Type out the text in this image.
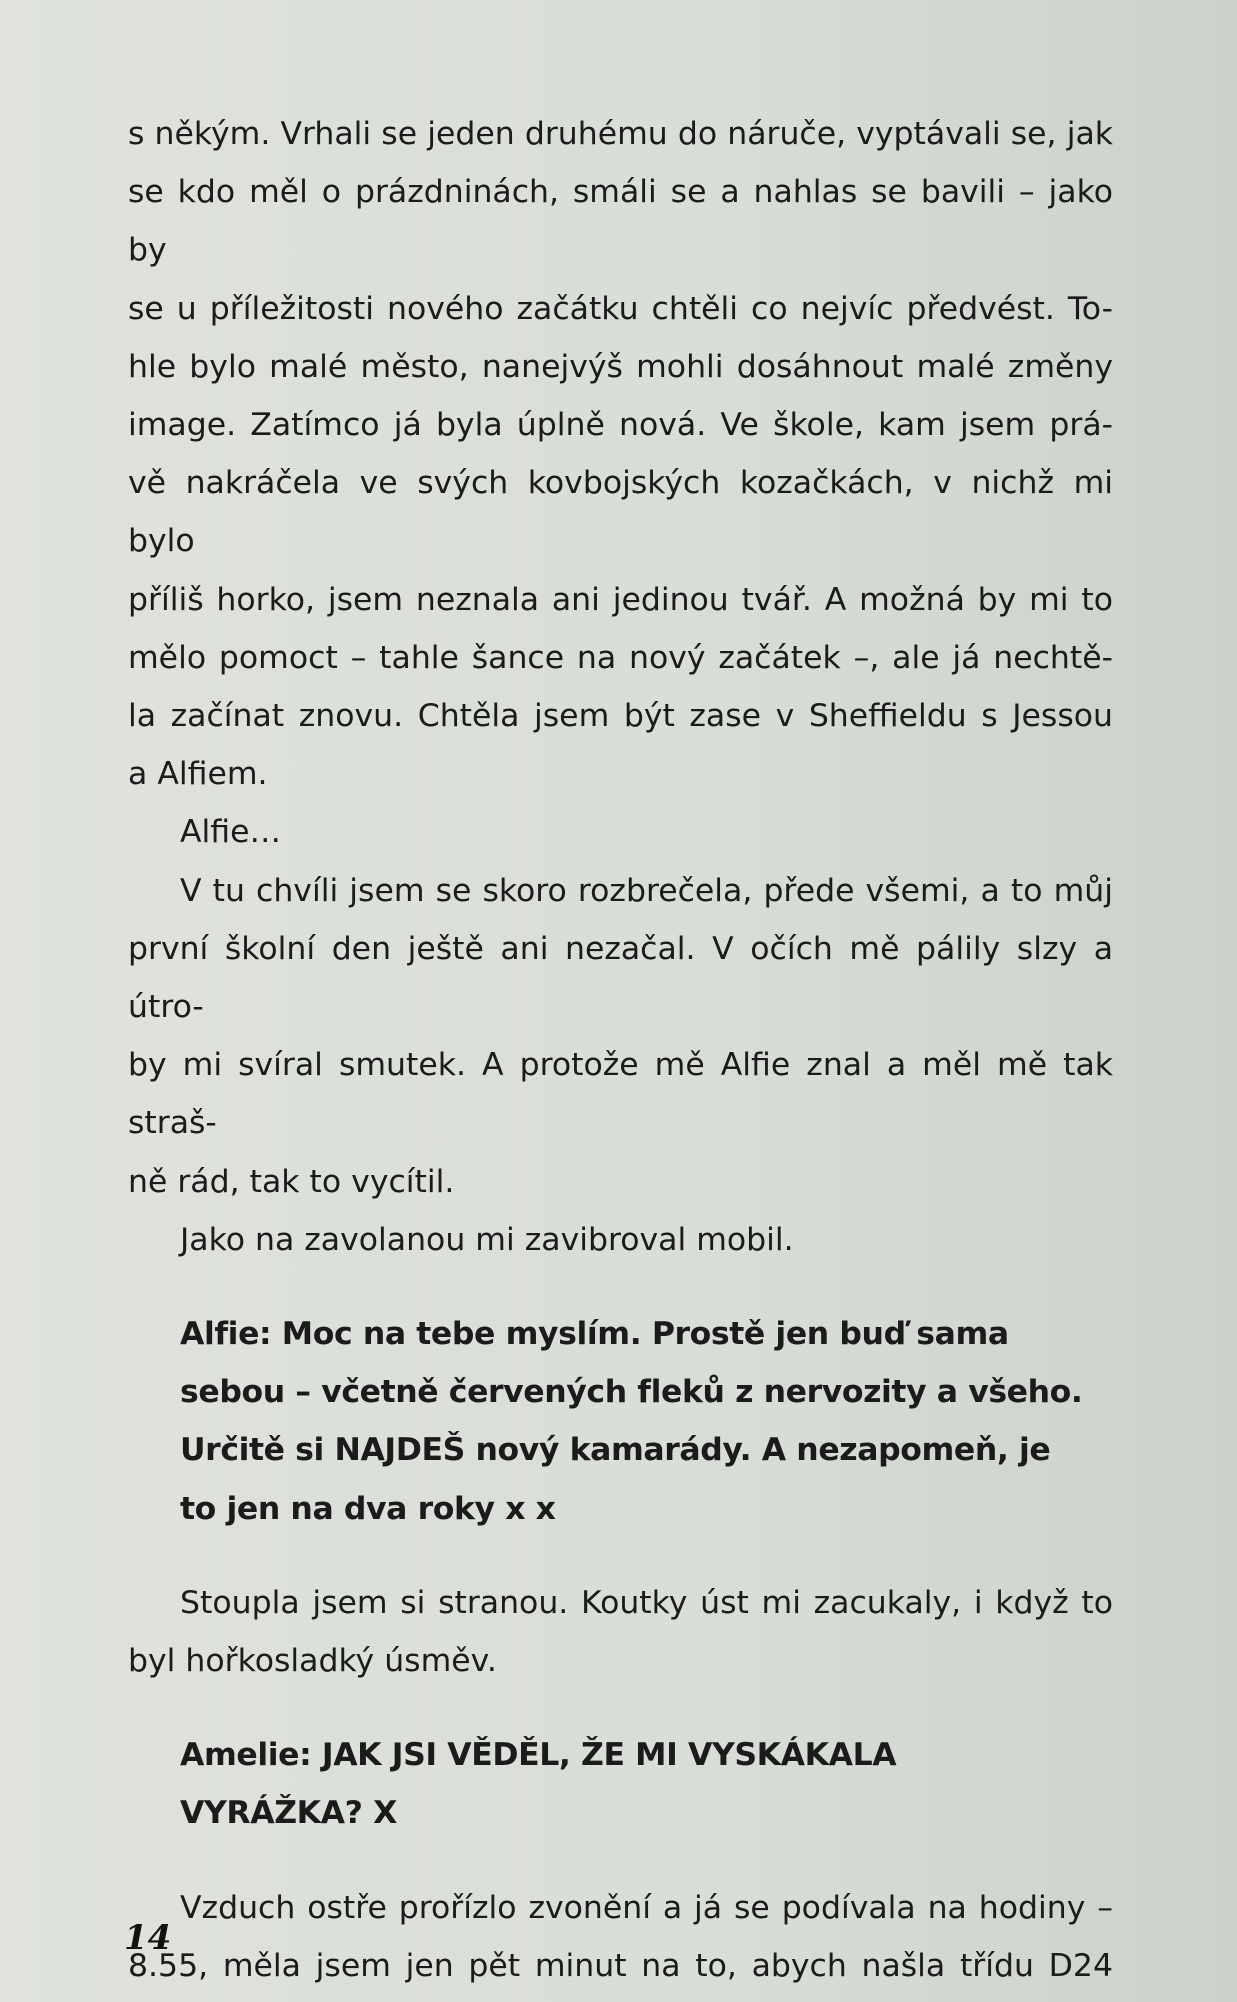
s někým. Vrhali se jeden druhému do náruče, vyptávali se, jak
se kdo měl o prázdninách, smáli se a nahlas se bavili – jako by
se u příležitosti nového začátku chtěli co nejvíc předvést. To-
hle bylo malé město, nanejvýš mohli dosáhnout malé změny
image. Zatímco já byla úplně nová. Ve škole, kam jsem prá-
vě nakráčela ve svých kovbojských kozačkách, v nichž mi bylo
příliš horko, jsem neznala ani jedinou tvář. A možná by mi to
mělo pomoct – tahle šance na nový začátek –, ale já nechtě-
la začínat znovu. Chtěla jsem být zase v Sheffieldu s Jessou
a Alfiem.
Alfie…
V tu chvíli jsem se skoro rozbrečela, přede všemi, a to můj
první školní den ještě ani nezačal. V očích mě pálily slzy a útro-
by mi svíral smutek. A protože mě Alfie znal a měl mě tak straš-
ně rád, tak to vycítil.
Jako na zavolanou mi zavibroval mobil.
Alfie: Moc na tebe myslím. Prostě jen buď sama
sebou – včetně červených fleků z nervozity a všeho.
Určitě si NAJDEŠ nový kamarády. A nezapomeň, je
to jen na dva roky x x
Stoupla jsem si stranou. Koutky úst mi zacukaly, i když to
byl hořkosladký úsměv.
Amelie: JAK JSI VĚDĚL, ŽE MI VYSKÁKALA
VYRÁŽKA? X
Vzduch ostře prořízlo zvonění a já se podívala na hodiny –
8.55, měla jsem jen pět minut na to, abych našla třídu D24
14
